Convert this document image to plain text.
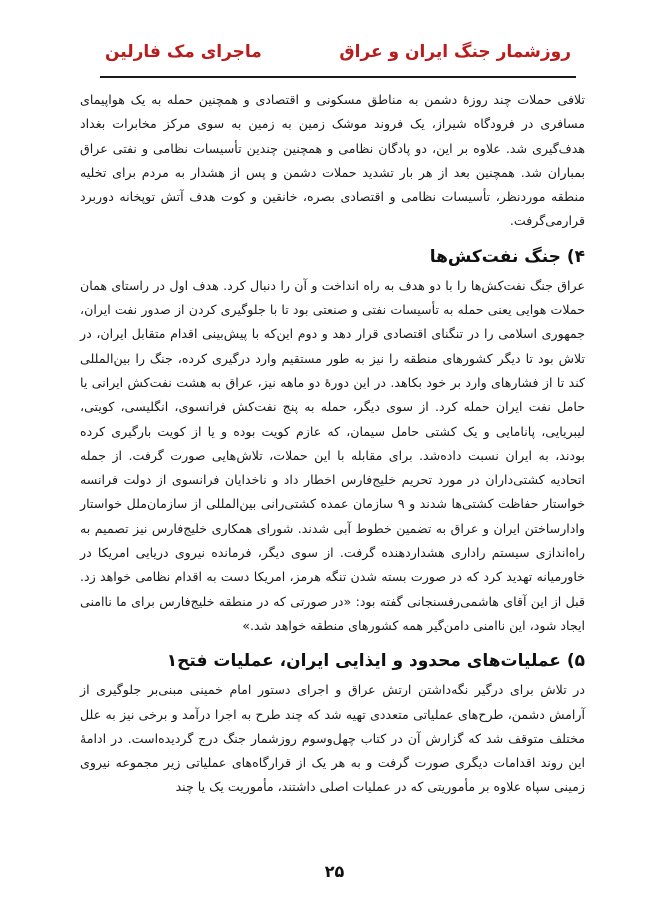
روزشمار جنگ ایران و عراق
ماجرای مک فارلین

تلافی حملات چند روزهٔ دشمن به مناطق مسکونی و اقتصادی و همچنین حمله به یک هواپیمای مسافری در فرودگاه شیراز، یک فروند موشک زمین به زمین به سوی مرکز مخابرات بغداد هدف‌گیری شد. علاوه بر این، دو پادگان نظامی و همچنین چندین تأسیسات نظامی و نفتی عراق بمباران شد. همچنین بعد از هر بار تشدید حملات دشمن و پس از هشدار به مردم برای تخلیه منطقه موردنظر، تأسیسات نظامی و اقتصادی بصره، خانقین و کوت هدف آتش توپخانه دوربرد قرارمی‌گرفت.

۴) جنگ نفت‌کش‌ها

عراق جنگ نفت‌کش‌ها را با دو هدف به راه انداخت و آن را دنبال کرد. هدف اول در راستای همان حملات هوایی یعنی حمله به تأسیسات نفتی و صنعتی بود تا با جلوگیری کردن از صدور نفت ایران، جمهوری اسلامی را در تنگنای اقتصادی قرار دهد و دوم این‌که با پیش‌بینی اقدام متقابل ایران، در تلاش بود تا دیگر کشورهای منطقه را نیز به طور مستقیم وارد درگیری کرده، جنگ را بین‌المللی کند تا از فشارهای وارد بر خود بکاهد. در این دورهٔ دو ماهه نیز، عراق به هشت نفت‌کش ایرانی یا حامل نفت ایران حمله کرد. از سوی دیگر، حمله به پنج نفت‌کش فرانسوی، انگلیسی، کویتی، لیبریایی، پانامایی و یک کشتی حامل سیمان، که عازم کویت بوده و یا از کویت بارگیری کرده بودند، به ایران نسبت دادەشد. برای مقابله با این حملات، تلاش‌هایی صورت گرفت. از جمله اتحادیه کشتی‌داران در مورد تحریم خلیج‌فارس اخطار داد و ناخدایان فرانسوی از دولت فرانسه خواستار حفاظت کشتی‌ها شدند و ۹ سازمان عمده کشتی‌رانی بین‌المللی از سازمان‌ملل خواستار وادارساختن ایران و عراق به تضمین خطوط آبی شدند. شورای همکاری خلیج‌فارس نیز تصمیم به راه‌اندازی سیستم راداری هشداردهنده گرفت. از سوی دیگر، فرمانده نیروی دریایی امریکا در خاورمیانه تهدید کرد که در صورت بسته شدن تنگه هرمز، امریکا دست به اقدام نظامی خواهد زد. قبل از این آقای هاشمی‌رفسنجانی گفته بود: «در صورتی که در منطقه خلیج‌فارس برای ما ناامنی ایجاد شود، این ناامنی دامن‌گیر همه کشورهای منطقه خواهد شد.»

۵) عملیات‌های محدود و ایذایی ایران، عملیات فتح۱

در تلاش برای درگیر نگه‌داشتن ارتش عراق و اجرای دستور امام خمینی مبنی‌بر جلوگیری از آرامش دشمن، طرح‌های عملیاتی متعددی تهیه شد که چند طرح به اجرا درآمد و برخی نیز به علل مختلف متوقف شد که گزارش آن در کتاب چهل‌وسوم روزشمار جنگ درج گردیده‌است. در ادامهٔ این روند اقدامات دیگری صورت گرفت و به هر یک از قرارگاه‌های عملیاتی زیر مجموعه نیروی زمینی سپاه علاوه بر مأموریتی که در عملیات اصلی داشتند، مأموریت یک یا چند

۲۵
